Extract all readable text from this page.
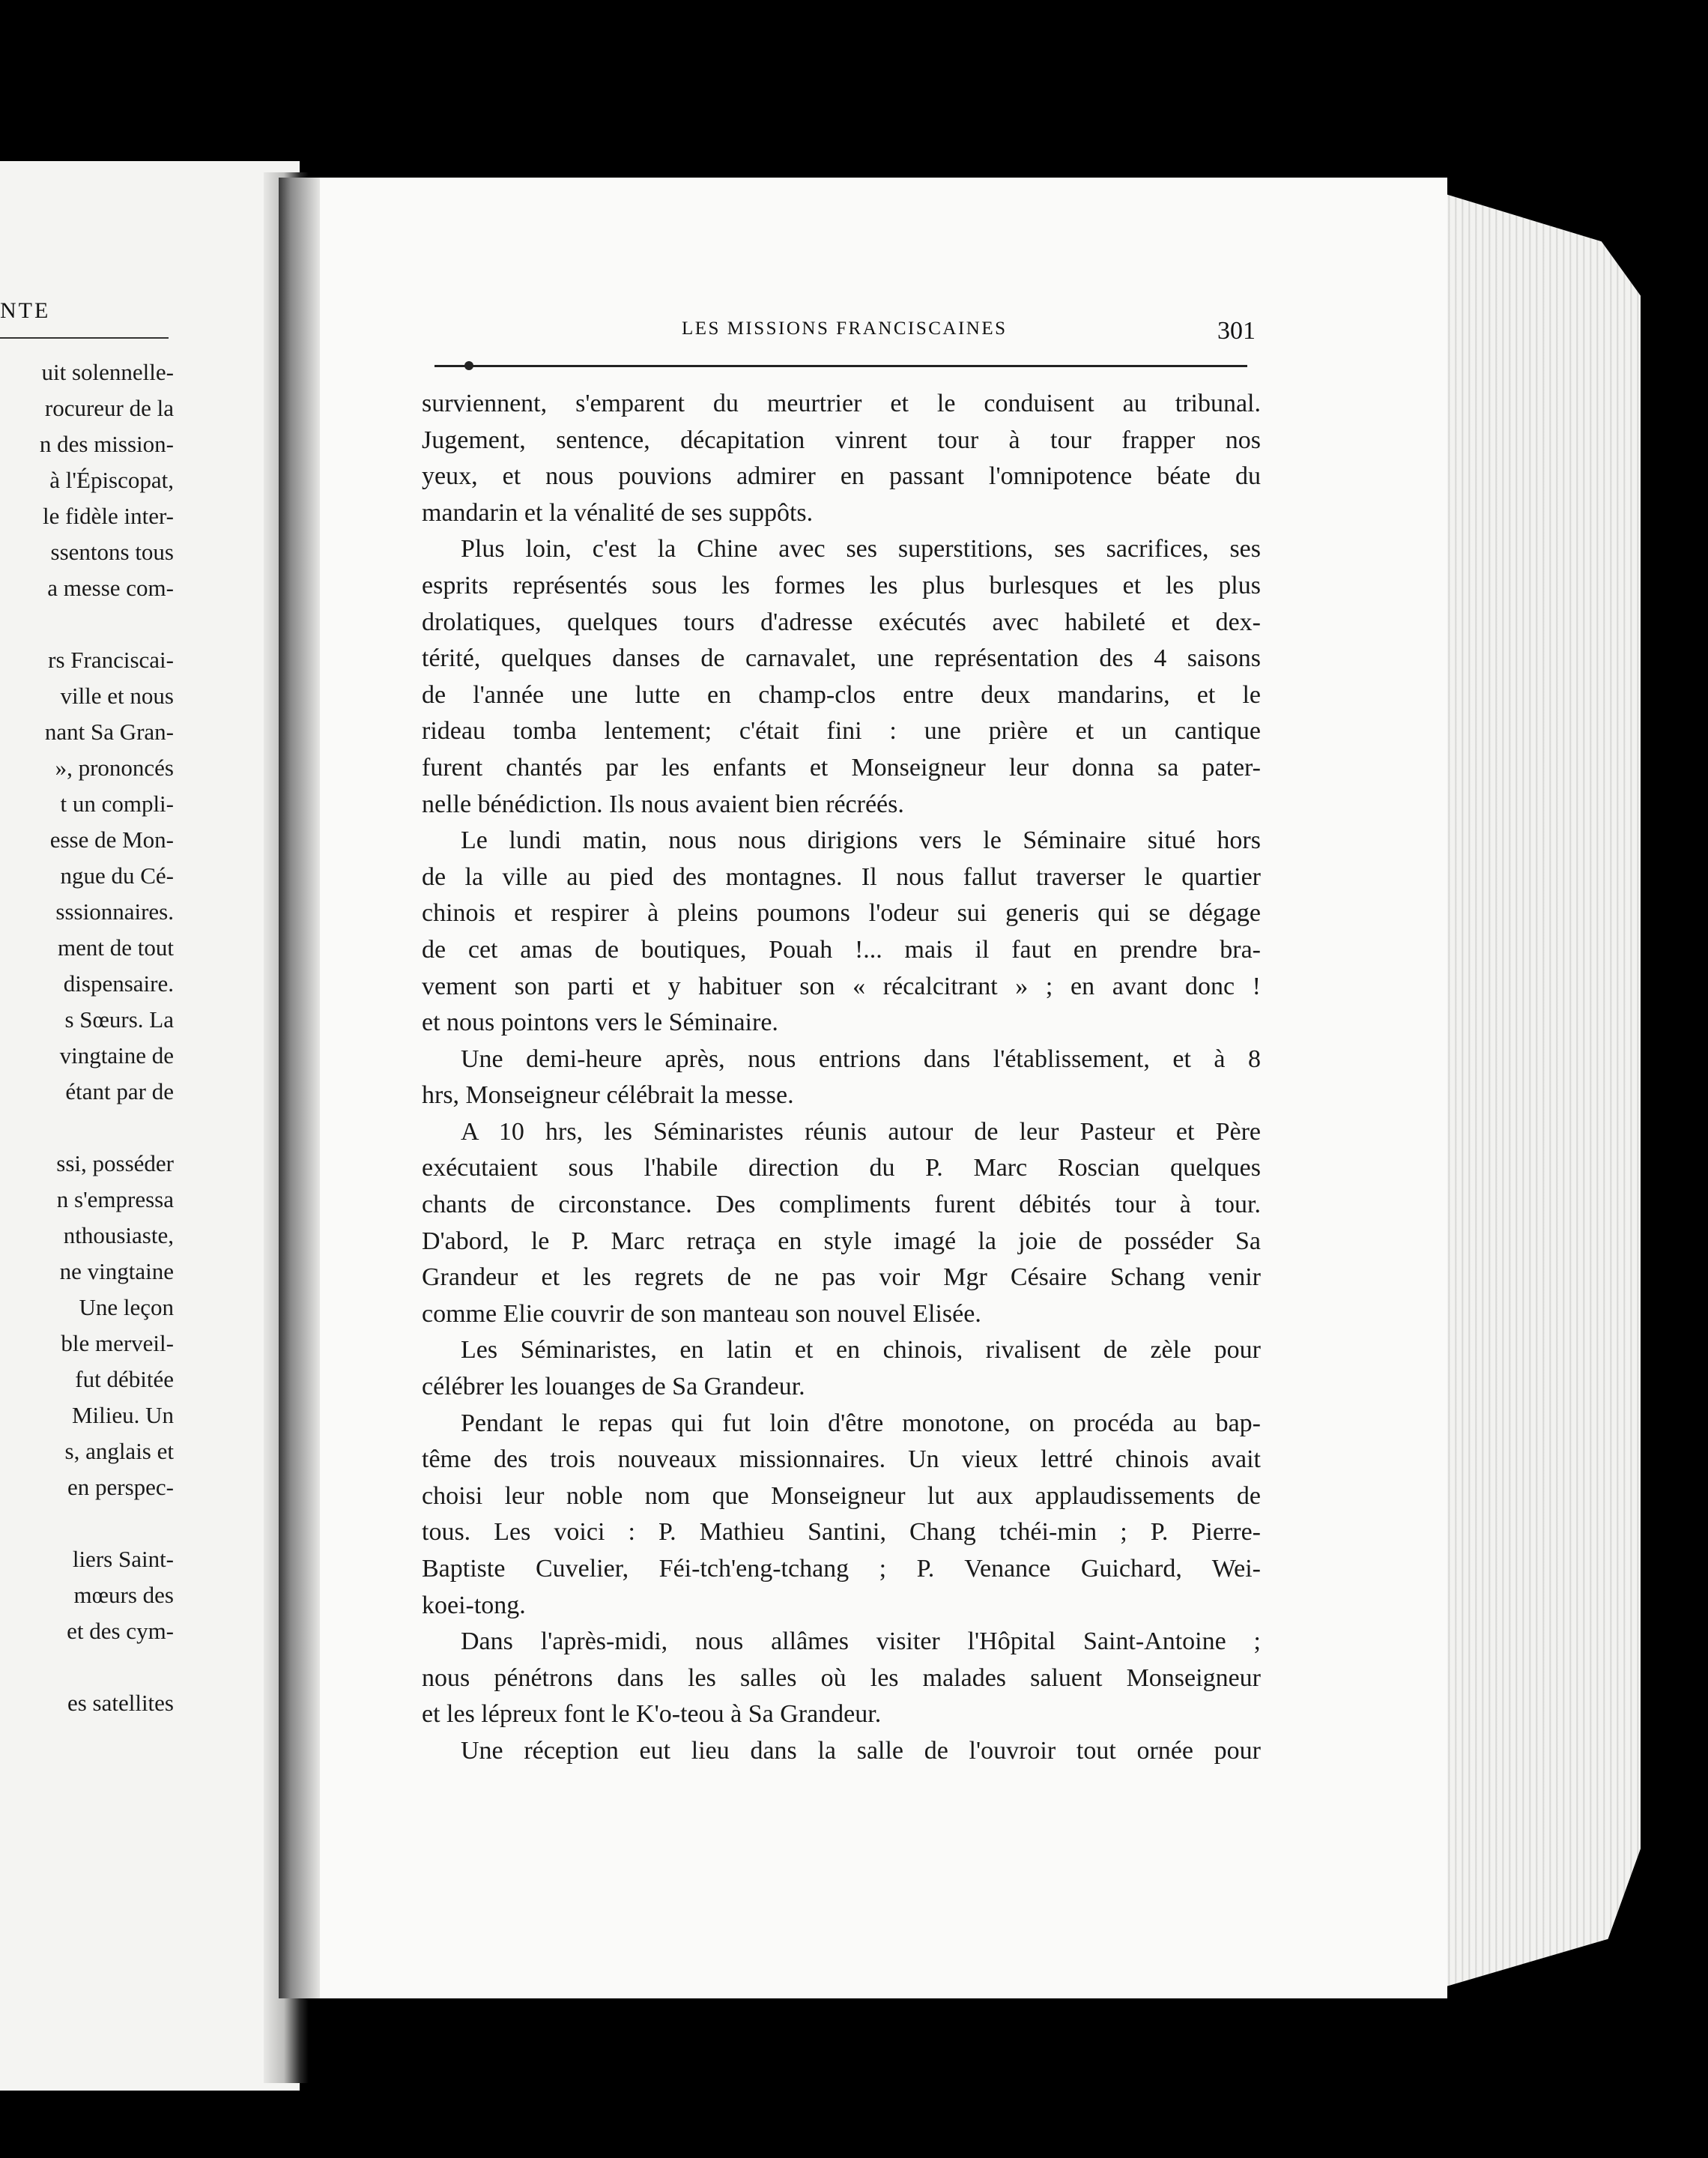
NTE
uit solennelle-
rocureur de la
n des mission-
à l'Épiscopat,
le fidèle inter-
ssentons tous
a messe com-
rs Franciscai-
ville et nous
nant Sa Gran-
», prononcés
t un compli-
esse de Mon-
ngue du Cé-
sssionnaires.
ment de tout
dispensaire.
s Sœurs. La
vingtaine de
étant par de
ssi, posséder
n s'empressa
nthousiaste,
ne vingtaine
Une leçon
ble merveil-
fut débitée
Milieu. Un
s, anglais et
en perspec-
liers Saint-
mœurs des
et des cym-
es satellites
LES MISSIONS FRANCISCAINES	301
surviennent, s'emparent du meurtrier et le conduisent au tribunal.
Jugement, sentence, décapitation vinrent tour à tour frapper nos
yeux, et nous pouvions admirer en passant l'omnipotence béate du
mandarin et la vénalité de ses suppôts.
Plus loin, c'est la Chine avec ses superstitions, ses sacrifices, ses
esprits représentés sous les formes les plus burlesques et les plus
drolatiques, quelques tours d'adresse exécutés avec habileté et dex-
térité, quelques danses de carnavalet, une représentation des 4 saisons
de l'année une lutte en champ-clos entre deux mandarins, et le
rideau tomba lentement; c'était fini : une prière et un cantique
furent chantés par les enfants et Monseigneur leur donna sa pater-
nelle bénédiction. Ils nous avaient bien récréés.
Le lundi matin, nous nous dirigions vers le Séminaire situé hors
de la ville au pied des montagnes. Il nous fallut traverser le quartier
chinois et respirer à pleins poumons l'odeur sui generis qui se dégage
de cet amas de boutiques, Pouah !... mais il faut en prendre bra-
vement son parti et y habituer son « récalcitrant » ; en avant donc !
et nous pointons vers le Séminaire.
Une demi-heure après, nous entrions dans l'établissement, et à 8
hrs, Monseigneur célébrait la messe.
A 10 hrs, les Séminaristes réunis autour de leur Pasteur et Père
exécutaient sous l'habile direction du P. Marc Roscian quelques
chants de circonstance. Des compliments furent débités tour à tour.
D'abord, le P. Marc retraça en style imagé la joie de posséder Sa
Grandeur et les regrets de ne pas voir Mgr Césaire Schang venir
comme Elie couvrir de son manteau son nouvel Elisée.
Les Séminaristes, en latin et en chinois, rivalisent de zèle pour
célébrer les louanges de Sa Grandeur.
Pendant le repas qui fut loin d'être monotone, on procéda au bap-
tême des trois nouveaux missionnaires. Un vieux lettré chinois avait
choisi leur noble nom que Monseigneur lut aux applaudissements de
tous. Les voici : P. Mathieu Santini, Chang tchéi-min ; P. Pierre-
Baptiste Cuvelier, Féi-tch'eng-tchang ; P. Venance Guichard, Wei-
koei-tong.
Dans l'après-midi, nous allâmes visiter l'Hôpital Saint-Antoine ;
nous pénétrons dans les salles où les malades saluent Monseigneur
et les lépreux font le K'o-teou à Sa Grandeur.
Une réception eut lieu dans la salle de l'ouvroir tout ornée pour
